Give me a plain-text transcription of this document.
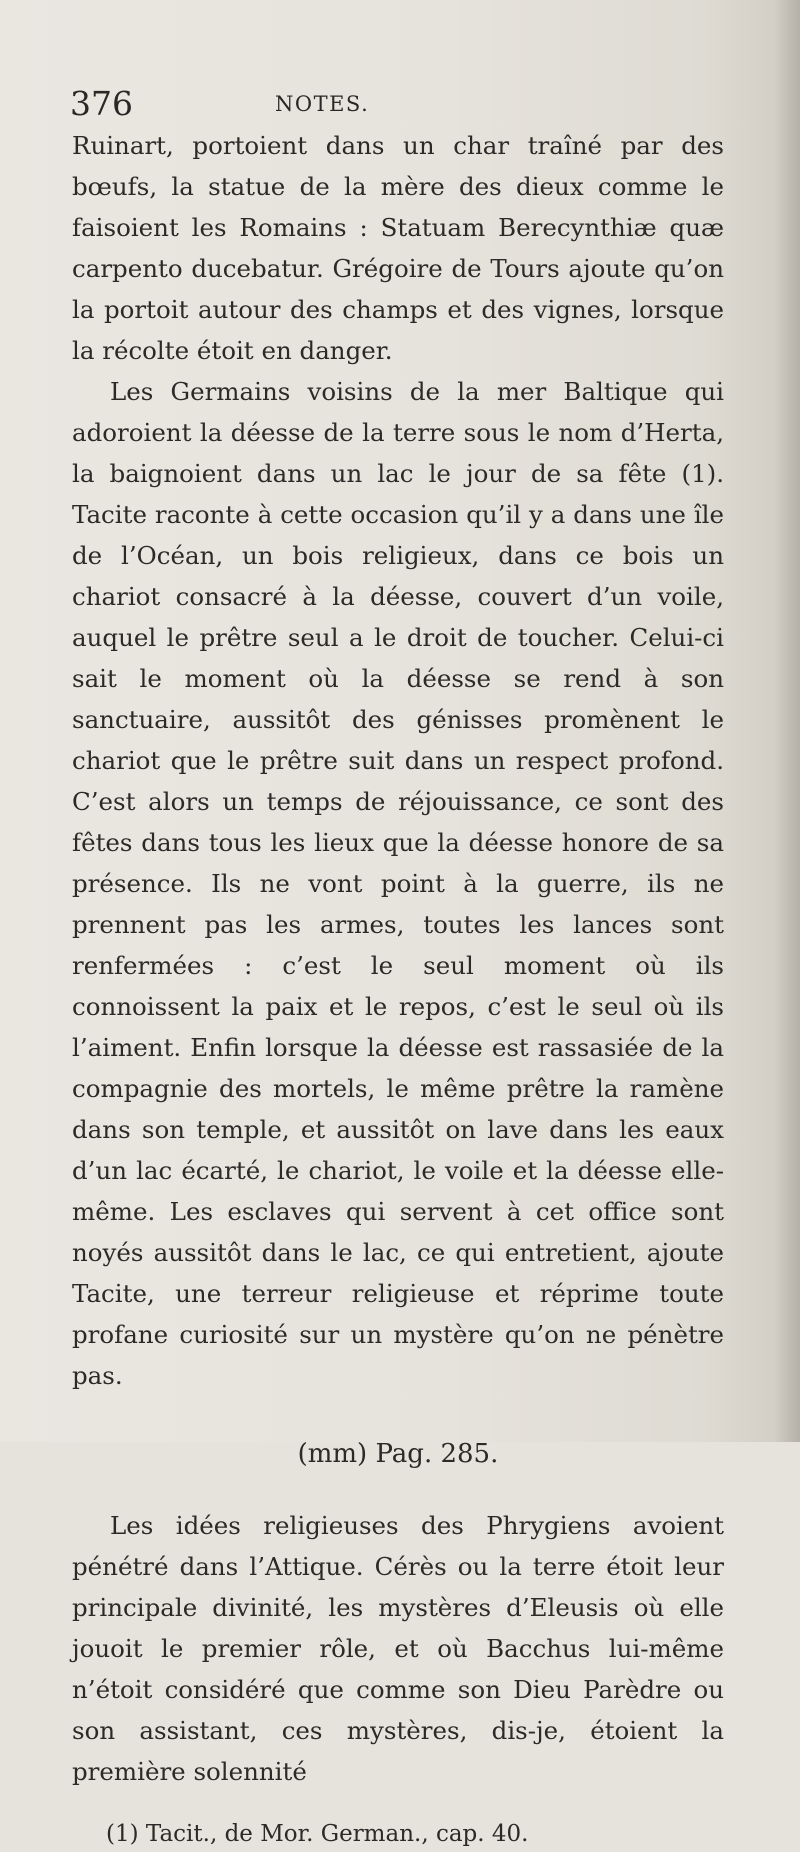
376	NOTES.

Ruinart, portoient dans un char traîné par des bœufs, la statue de la mère des dieux comme le faisoient les Romains : Statuam Berecynthiæ quæ carpento ducebatur. Grégoire de Tours ajoute qu’on la portoit autour des champs et des vignes, lorsque la récolte étoit en danger.

Les Germains voisins de la mer Baltique qui adoroient la déesse de la terre sous le nom d’Herta, la baignoient dans un lac le jour de sa fête (1). Tacite raconte à cette occasion qu’il y a dans une île de l’Océan, un bois religieux, dans ce bois un chariot consacré à la déesse, couvert d’un voile, auquel le prêtre seul a le droit de toucher. Celui-ci sait le moment où la déesse se rend à son sanctuaire, aussitôt des génisses promènent le chariot que le prêtre suit dans un respect profond. C’est alors un temps de réjouissance, ce sont des fêtes dans tous les lieux que la déesse honore de sa présence. Ils ne vont point à la guerre, ils ne prennent pas les armes, toutes les lances sont renfermées : c’est le seul moment où ils connoissent la paix et le repos, c’est le seul où ils l’aiment. Enfin lorsque la déesse est rassasiée de la compagnie des mortels, le même prêtre la ramène dans son temple, et aussitôt on lave dans les eaux d’un lac écarté, le chariot, le voile et la déesse elle-même. Les esclaves qui servent à cet office sont noyés aussitôt dans le lac, ce qui entretient, ajoute Tacite, une terreur religieuse et réprime toute profane curiosité sur un mystère qu’on ne pénètre pas.

(mm) Pag. 285.

Les idées religieuses des Phrygiens avoient pénétré dans l’Attique. Cérès ou la terre étoit leur principale divinité, les mystères d’Eleusis où elle jouoit le premier rôle, et où Bacchus lui-même n’étoit considéré que comme son Dieu Parèdre ou son assistant, ces mystères, dis-je, étoient la première solennité

(1) Tacit., de Mor. German., cap. 40.
